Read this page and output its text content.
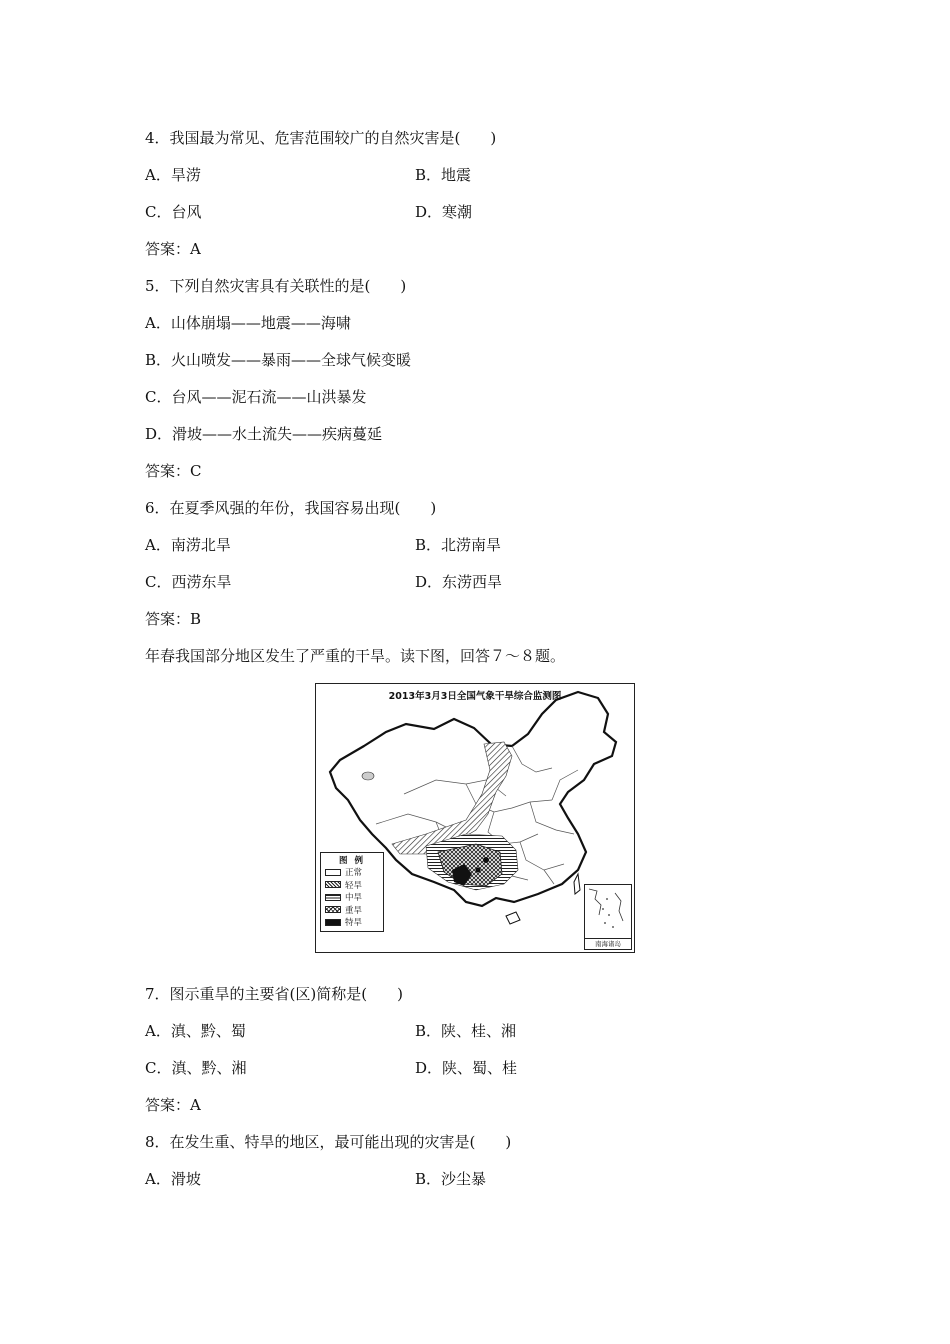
4．我国最为常见、危害范围较广的自然灾害是(　　)
A．旱涝	B．地震
C．台风	D．寒潮
答案：A
5．下列自然灾害具有关联性的是(　　)
A．山体崩塌——地震——海啸
B．火山喷发——暴雨——全球气候变暖
C．台风——泥石流——山洪暴发
D．滑坡——水土流失——疾病蔓延
答案：C
6．在夏季风强的年份，我国容易出现(　　)
A．南涝北旱	B．北涝南旱
C．西涝东旱	D．东涝西旱
答案：B
年春我国部分地区发生了严重的干旱。读下图，回答７～８题。
2013年3月3日全国气象干旱综合监测图
图 例
正常
轻旱
中旱
重旱
特旱
南海诸岛
7．图示重旱的主要省(区)简称是(　　)
A．滇、黔、蜀	B．陕、桂、湘
C．滇、黔、湘	D．陕、蜀、桂
答案：A
8．在发生重、特旱的地区，最可能出现的灾害是(　　)
A．滑坡	B．沙尘暴
